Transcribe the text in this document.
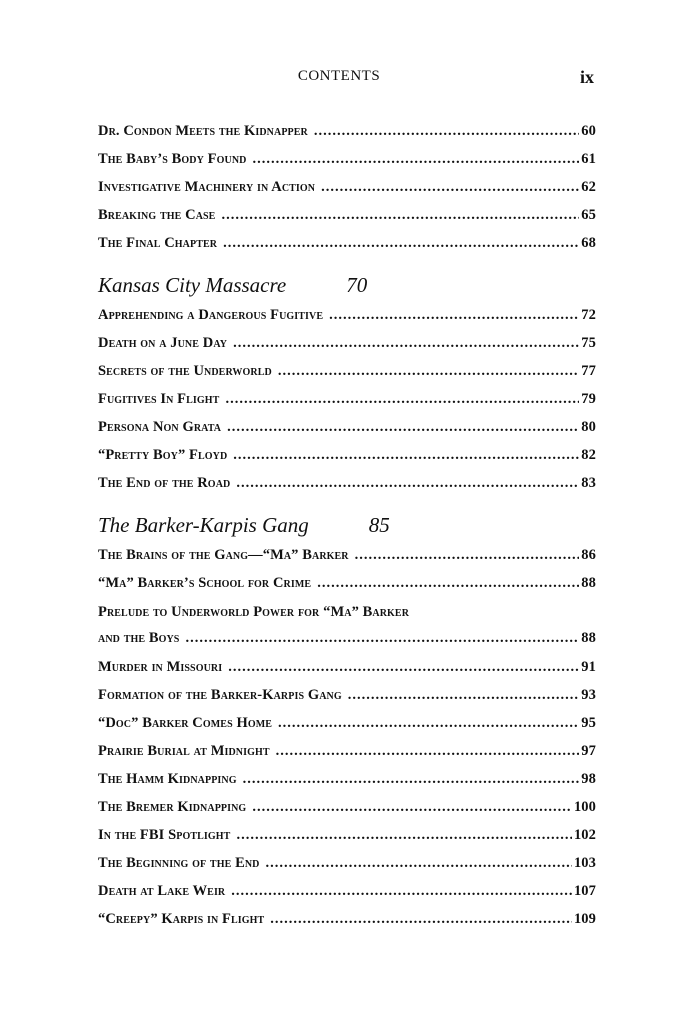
CONTENTS	ix
Dr. Condon Meets the Kidnapper .....	60
The Baby’s Body Found .....	61
Investigative Machinery in Action .....	62
Breaking the Case .....	65
The Final Chapter .....	68
Kansas City Massacre	70
Apprehending a Dangerous Fugitive .....	72
Death on a June Day .....	75
Secrets of the Underworld .....	77
Fugitives In Flight .....	79
Persona Non Grata .....	80
“Pretty Boy” Floyd .....	82
The End of the Road .....	83
The Barker-Karpis Gang	85
The Brains of the Gang—“Ma” Barker .....	86
“Ma” Barker’s School for Crime .....	88
Prelude to Underworld Power for “Ma” Barker
and the Boys .....	88
Murder in Missouri .....	91
Formation of the Barker-Karpis Gang .....	93
“Doc” Barker Comes Home .....	95
Prairie Burial at Midnight .....	97
The Hamm Kidnapping .....	98
The Bremer Kidnapping .....	100
In the FBI Spotlight .....	102
The Beginning of the End .....	103
Death at Lake Weir .....	107
“Creepy” Karpis in Flight .....	109
